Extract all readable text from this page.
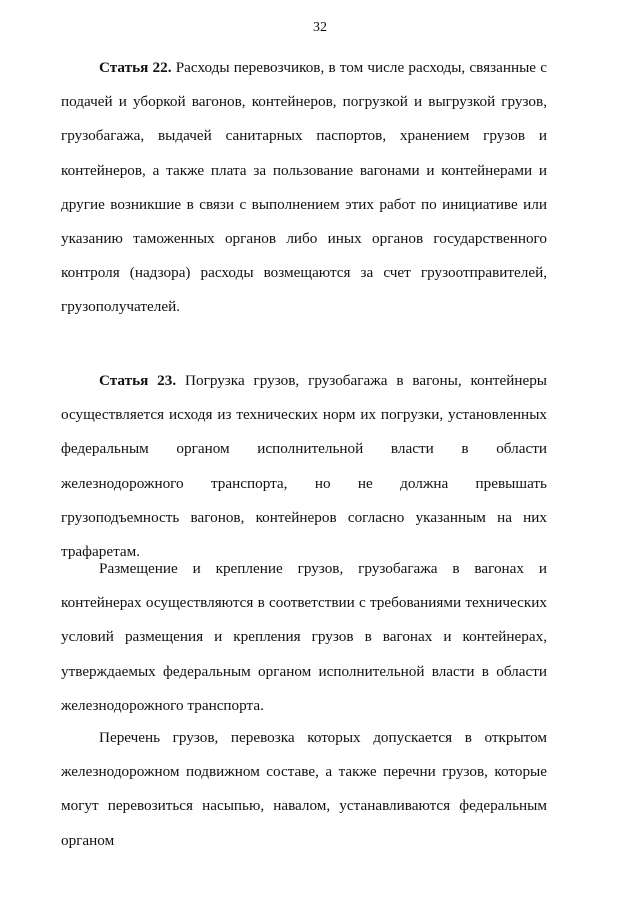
32

Статья 22. Расходы перевозчиков, в том числе расходы, связанные с подачей и уборкой вагонов, контейнеров, погрузкой и выгрузкой грузов, грузобагажа, выдачей санитарных паспортов, хранением грузов и контейнеров, а также плата за пользование вагонами и контейнерами и другие возникшие в связи с выполнением этих работ по инициативе или указанию таможенных органов либо иных органов государственного контроля (надзора) расходы возмещаются за счет грузоотправителей, грузополучателей.

Статья 23. Погрузка грузов, грузобагажа в вагоны, контейнеры осуществляется исходя из технических норм их погрузки, установленных федеральным органом исполнительной власти в области железнодорожного транспорта, но не должна превышать грузоподъемность вагонов, контейнеров согласно указанным на них трафаретам.

Размещение и крепление грузов, грузобагажа в вагонах и контейнерах осуществляются в соответствии с требованиями технических условий размещения и крепления грузов в вагонах и контейнерах, утверждаемых федеральным органом исполнительной власти в области железнодорожного транспорта.

Перечень грузов, перевозка которых допускается в открытом железнодорожном подвижном составе, а также перечни грузов, которые могут перевозиться насыпью, навалом, устанавливаются федеральным органом
